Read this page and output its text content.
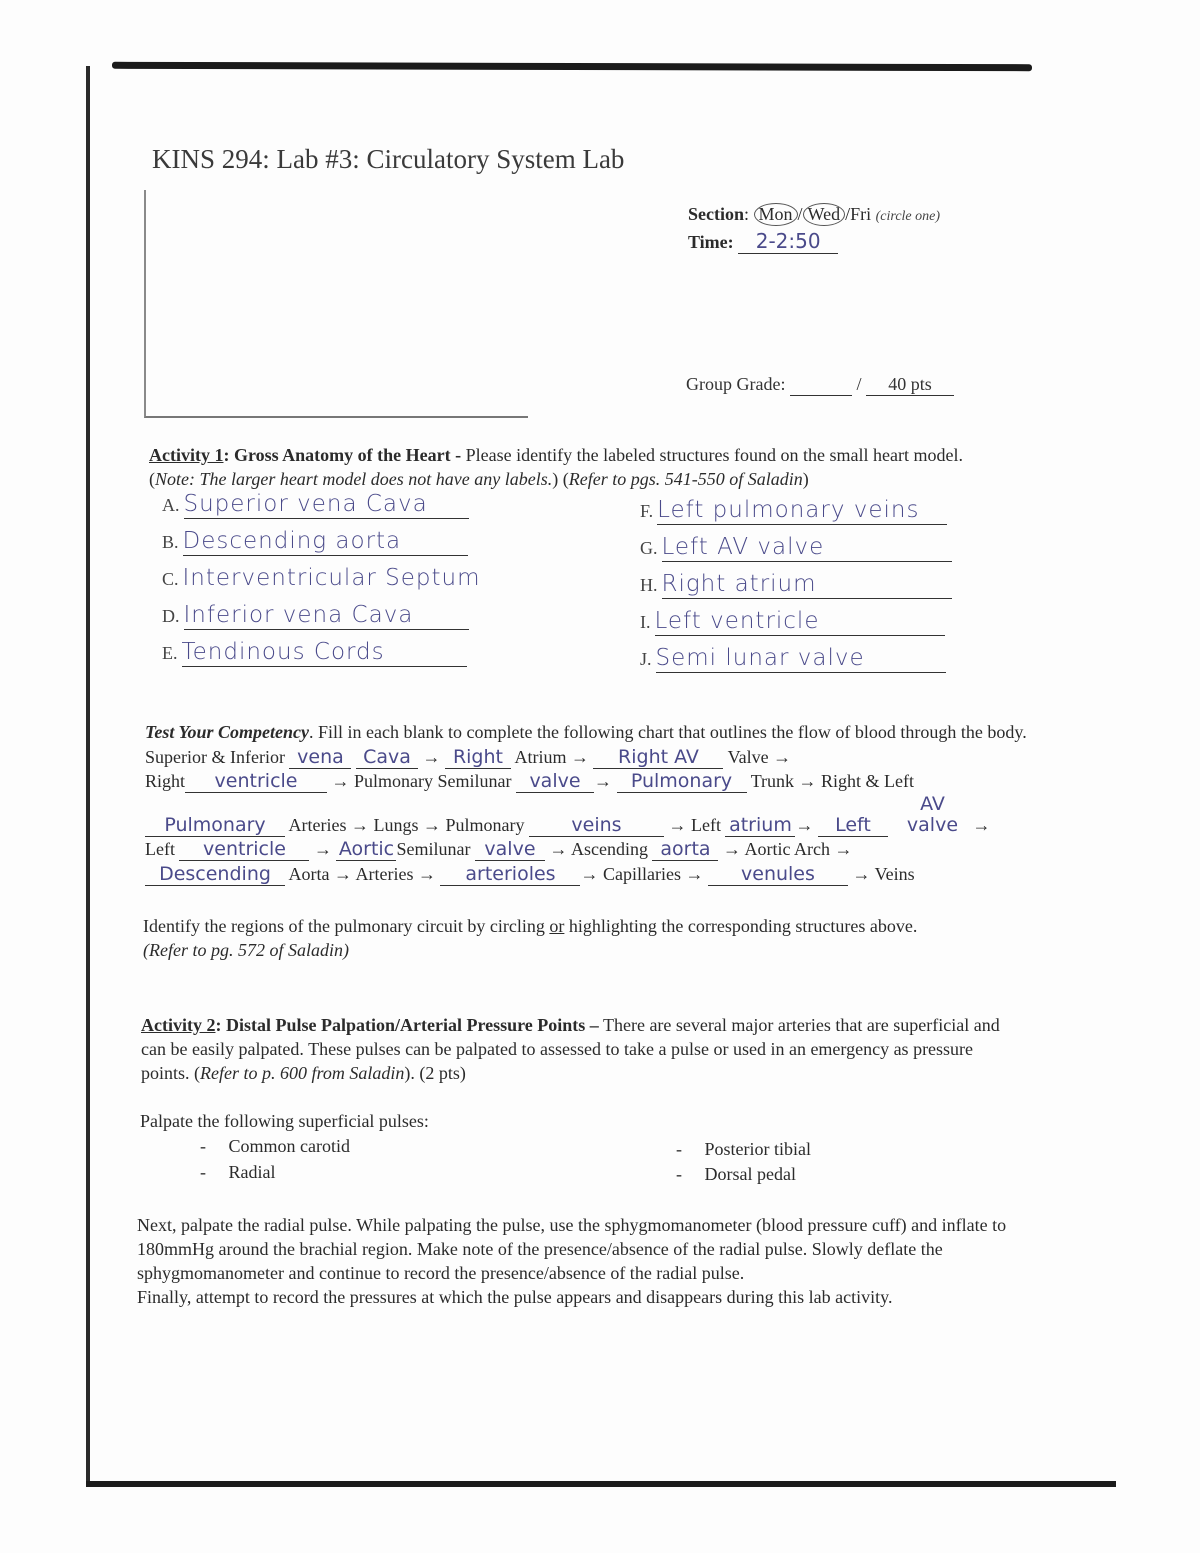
KINS 294: Lab #3: Circulatory System Lab
Section: Mon / Wed /Fri (circle one)
Time: 2-2:50
Group Grade:	/ 40 pts
Activity 1: Gross Anatomy of the Heart - Please identify the labeled structures found on the small heart model. (Note: The larger heart model does not have any labels.) (Refer to pgs. 541-550 of Saladin)
A. Superior vena Cava
B. Descending aorta
C. Interventricular Septum
D. Inferior vena Cava
E. Tendinous Cords
F. Left pulmonary veins
G. Left AV valve
H. Right atrium
I. Left ventricle
J. Semi lunar valve
Test Your Competency. Fill in each blank to complete the following chart that outlines the flow of blood through the body.
Superior & Inferior vena Cava → Right Atrium → Right AV Valve →
Right ventricle → Pulmonary Semilunar valve → Pulmonary Trunk → Right & Left
Pulmonary Arteries → Lungs → Pulmonary veins	→ Left atrium → Left AV valve →
Left ventricle → Aortic Semilunar valve → Ascending aorta → Aortic Arch →
Descending Aorta → Arteries → arterioles → Capillaries → venules → Veins
Identify the regions of the pulmonary circuit by circling or highlighting the corresponding structures above.
(Refer to pg. 572 of Saladin)
Activity 2: Distal Pulse Palpation/Arterial Pressure Points – There are several major arteries that are superficial and can be easily palpated. These pulses can be palpated to assessed to take a pulse or used in an emergency as pressure points. (Refer to p. 600 from Saladin). (2 pts)
Palpate the following superficial pulses:
-     Common carotid
-     Radial
-     Posterior tibial
-     Dorsal pedal
Next, palpate the radial pulse. While palpating the pulse, use the sphygmomanometer (blood pressure cuff) and inflate to 180mmHg around the brachial region. Make note of the presence/absence of the radial pulse. Slowly deflate the sphygmomanometer and continue to record the presence/absence of the radial pulse.
Finally, attempt to record the pressures at which the pulse appears and disappears during this lab activity.
